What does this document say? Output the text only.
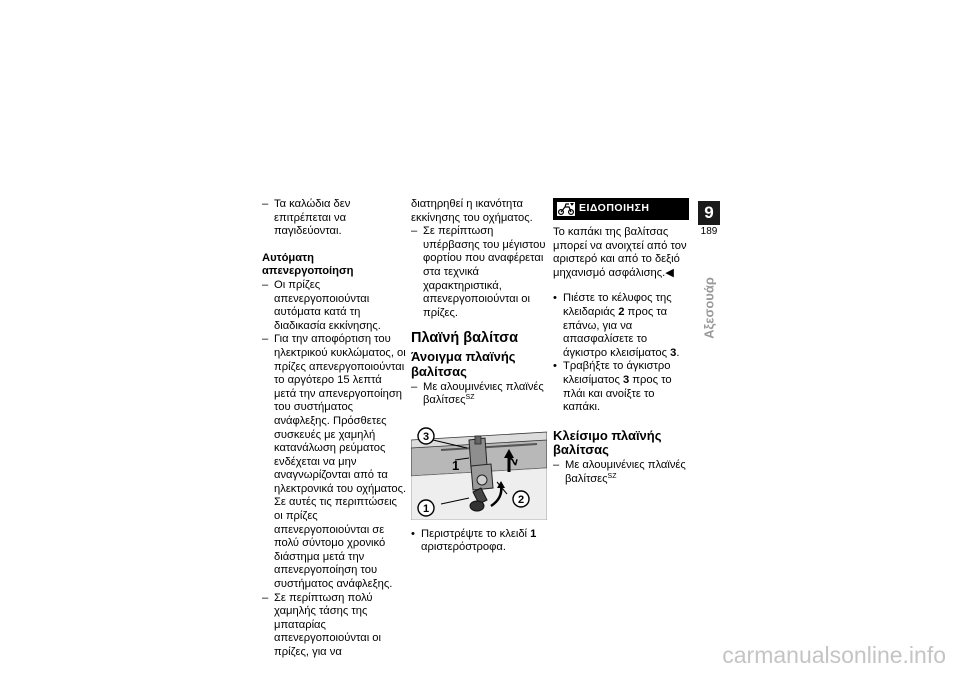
– Τα καλώδια δεν επιτρέπεται να παγιδεύονται.

Αυτόματη απενεργοποίηση

– Οι πρίζες απενεργοποιούνται αυτόματα κατά τη διαδικασία εκκίνησης.

– Για την αποφόρτιση του ηλεκτρικού κυκλώματος, οι πρίζες απενεργοποιούνται το αργότερο 15 λεπτά μετά την απενεργοποίηση του συστήματος ανάφλεξης. Πρόσθετες συσκευές με χαμηλή κατανάλωση ρεύματος ενδέχεται να μην αναγνωρίζονται από τα ηλεκτρονικά του οχήματος. Σε αυτές τις περιπτώσεις οι πρίζες απενεργοποιούνται σε πολύ σύντομο χρονικό διάστημα μετά την απενεργοποίηση του συστήματος ανάφλεξης.

– Σε περίπτωση πολύ χαμηλής τάσης της μπαταρίας απενεργοποιούνται οι πρίζες, για να

διατηρηθεί η ικανότητα εκκίνησης του οχήματος.

– Σε περίπτωση υπέρβασης του μέγιστου φορτίου που αναφέρεται στα τεχνικά χαρακτηριστικά, απενεργοποιούνται οι πρίζες.

Πλαϊνή βαλίτσα

Άνοιγμα πλαϊνής βαλίτσας

– Με αλουμινένιες πλαϊνές βαλίτσες$^{SZ}$

3
2
1
2
1

• Περιστρέψτε το κλειδί 1 αριστερόστροφα.

ΕΙΔΟΠΟΙΗΣΗ

Το καπάκι της βαλίτσας μπορεί να ανοιχτεί από τον αριστερό και από το δεξιό μηχανισμό ασφάλισης.◀

• Πιέστε το κέλυφος της κλειδαριάς 2 προς τα επάνω, για να απασφαλίσετε το άγκιστρο κλεισίματος 3.

• Τραβήξτε το άγκιστρο κλεισίματος 3 προς το πλάι και ανοίξτε το καπάκι.

Κλείσιμο πλαϊνής βαλίτσας

– Με αλουμινένιες πλαϊνές βαλίτσες$^{SZ}$

9
189
Αξεσουάρ
carmanualsonline.info
